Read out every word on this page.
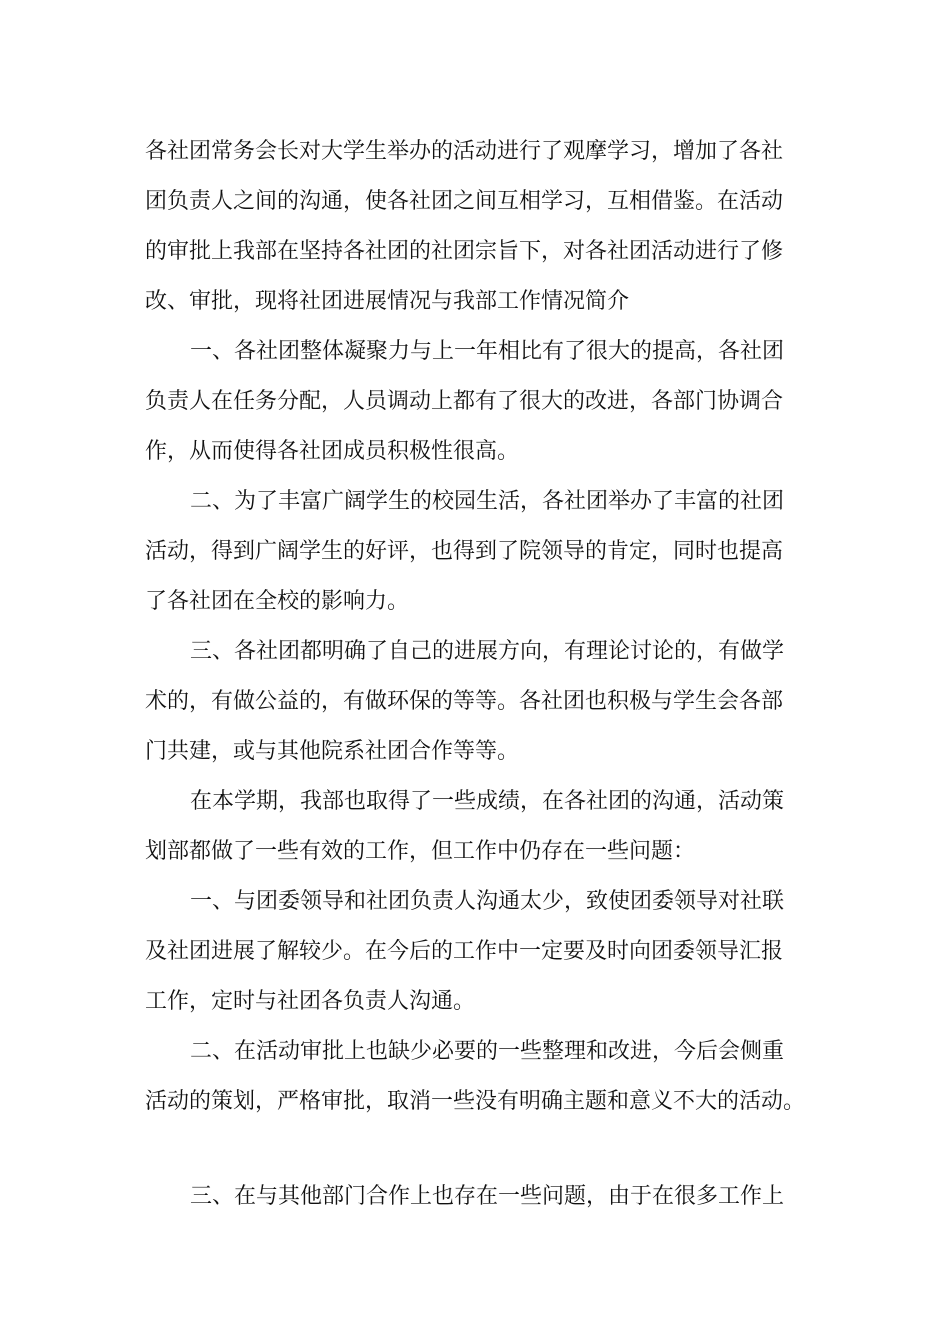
各社团常务会长对大学生举办的活动进行了观摩学习，增加了各社
团负责人之间的沟通，使各社团之间互相学习，互相借鉴。在活动
的审批上我部在坚持各社团的社团宗旨下，对各社团活动进行了修
改、审批，现将社团进展情况与我部工作情况简介
一、各社团整体凝聚力与上一年相比有了很大的提高，各社团
负责人在任务分配，人员调动上都有了很大的改进，各部门协调合
作，从而使得各社团成员积极性很高。
二、为了丰富广阔学生的校园生活，各社团举办了丰富的社团
活动，得到广阔学生的好评，也得到了院领导的肯定，同时也提高
了各社团在全校的影响力。
三、各社团都明确了自己的进展方向，有理论讨论的，有做学
术的，有做公益的，有做环保的等等。各社团也积极与学生会各部
门共建，或与其他院系社团合作等等。
在本学期，我部也取得了一些成绩，在各社团的沟通，活动策
划部都做了一些有效的工作，但工作中仍存在一些问题：
一、与团委领导和社团负责人沟通太少，致使团委领导对社联
及社团进展了解较少。在今后的工作中一定要及时向团委领导汇报
工作，定时与社团各负责人沟通。
二、在活动审批上也缺少必要的一些整理和改进，今后会侧重
活动的策划，严格审批，取消一些没有明确主题和意义不大的活动。
三、在与其他部门合作上也存在一些问题，由于在很多工作上
